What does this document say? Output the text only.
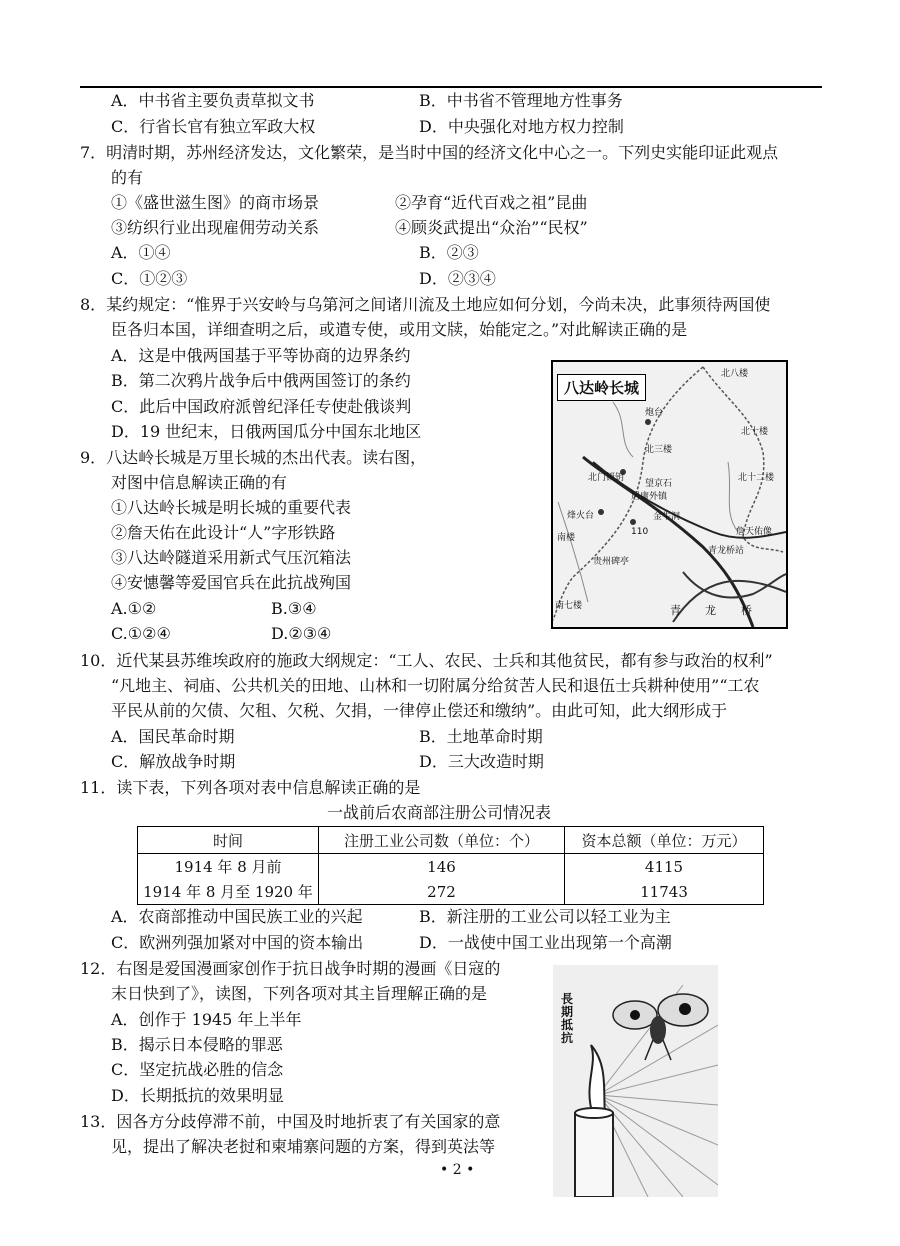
A．中书省主要负责草拟文书	B．中书省不管理地方性事务
C．行省长官有独立军政大权	D．中央强化对地方权力控制
7．明清时期，苏州经济发达，文化繁荣，是当时中国的经济文化中心之一。下列史实能印证此观点
的有
①《盛世滋生图》的商市场景	②孕育“近代百戏之祖”昆曲
③纺织行业出现雇佣劳动关系	④顾炎武提出“众治”“民权”
A．①④	B．②③
C．①②③	D．②③④
8．某约规定：“惟界于兴安岭与乌第河之间诸川流及土地应如何分划，今尚未决，此事须待两国使
臣各归本国，详细查明之后，或遣专使，或用文牍，始能定之。”对此解读正确的是
A．这是中俄两国基于平等协商的边界条约
B．第二次鸦片战争后中俄两国签订的条约
C．此后中国政府派曾纪泽任专使赴俄谈判
D．19 世纪末，日俄两国瓜分中国东北地区
9．八达岭长城是万里长城的杰出代表。读右图，
对图中信息解读正确的有
①八达岭长城是明长城的重要代表
②詹天佑在此设计“人”字形铁路
③八达岭隧道采用新式气压沉箱法
④安憓馨等爱国官兵在此抗战殉国
A.①②	B.③④
C.①②④	D.②③④
八达岭长城
北八楼
炮台
北十楼
北三楼
北十二楼
北门锁钥
望京石
居庸外镇
烽火台	金牛洞
詹天佑像
青龙桥站
南楼
110
贵州碑亭
南七楼	青 龙 桥
10．近代某县苏维埃政府的施政大纲规定：“工人、农民、士兵和其他贫民，都有参与政治的权利”
“凡地主、祠庙、公共机关的田地、山林和一切附属分给贫苦人民和退伍士兵耕种使用”“工农
平民从前的欠债、欠租、欠税、欠捐，一律停止偿还和缴纳”。由此可知，此大纲形成于
A．国民革命时期	B．土地革命时期
C．解放战争时期	D．三大改造时期
11．读下表，下列各项对表中信息解读正确的是
一战前后农商部注册公司情况表
时间	注册工业公司数（单位：个）	资本总额（单位：万元）
1914 年 8 月前	146	4115
1914 年 8 月至 1920 年	272	11743
A．农商部推动中国民族工业的兴起	B．新注册的工业公司以轻工业为主
C．欧洲列强加紧对中国的资本输出	D．一战使中国工业出现第一个高潮
12．右图是爱国漫画家创作于抗日战争时期的漫画《日寇的
末日快到了》，读图，下列各项对其主旨理解正确的是
A．创作于 1945 年上半年
B．揭示日本侵略的罪恶
C．坚定抗战必胜的信念
D．长期抵抗的效果明显
長期抵抗
13．因各方分歧停滞不前，中国及时地折衷了有关国家的意
见，提出了解决老挝和柬埔寨问题的方案，得到英法等
• 2 •
